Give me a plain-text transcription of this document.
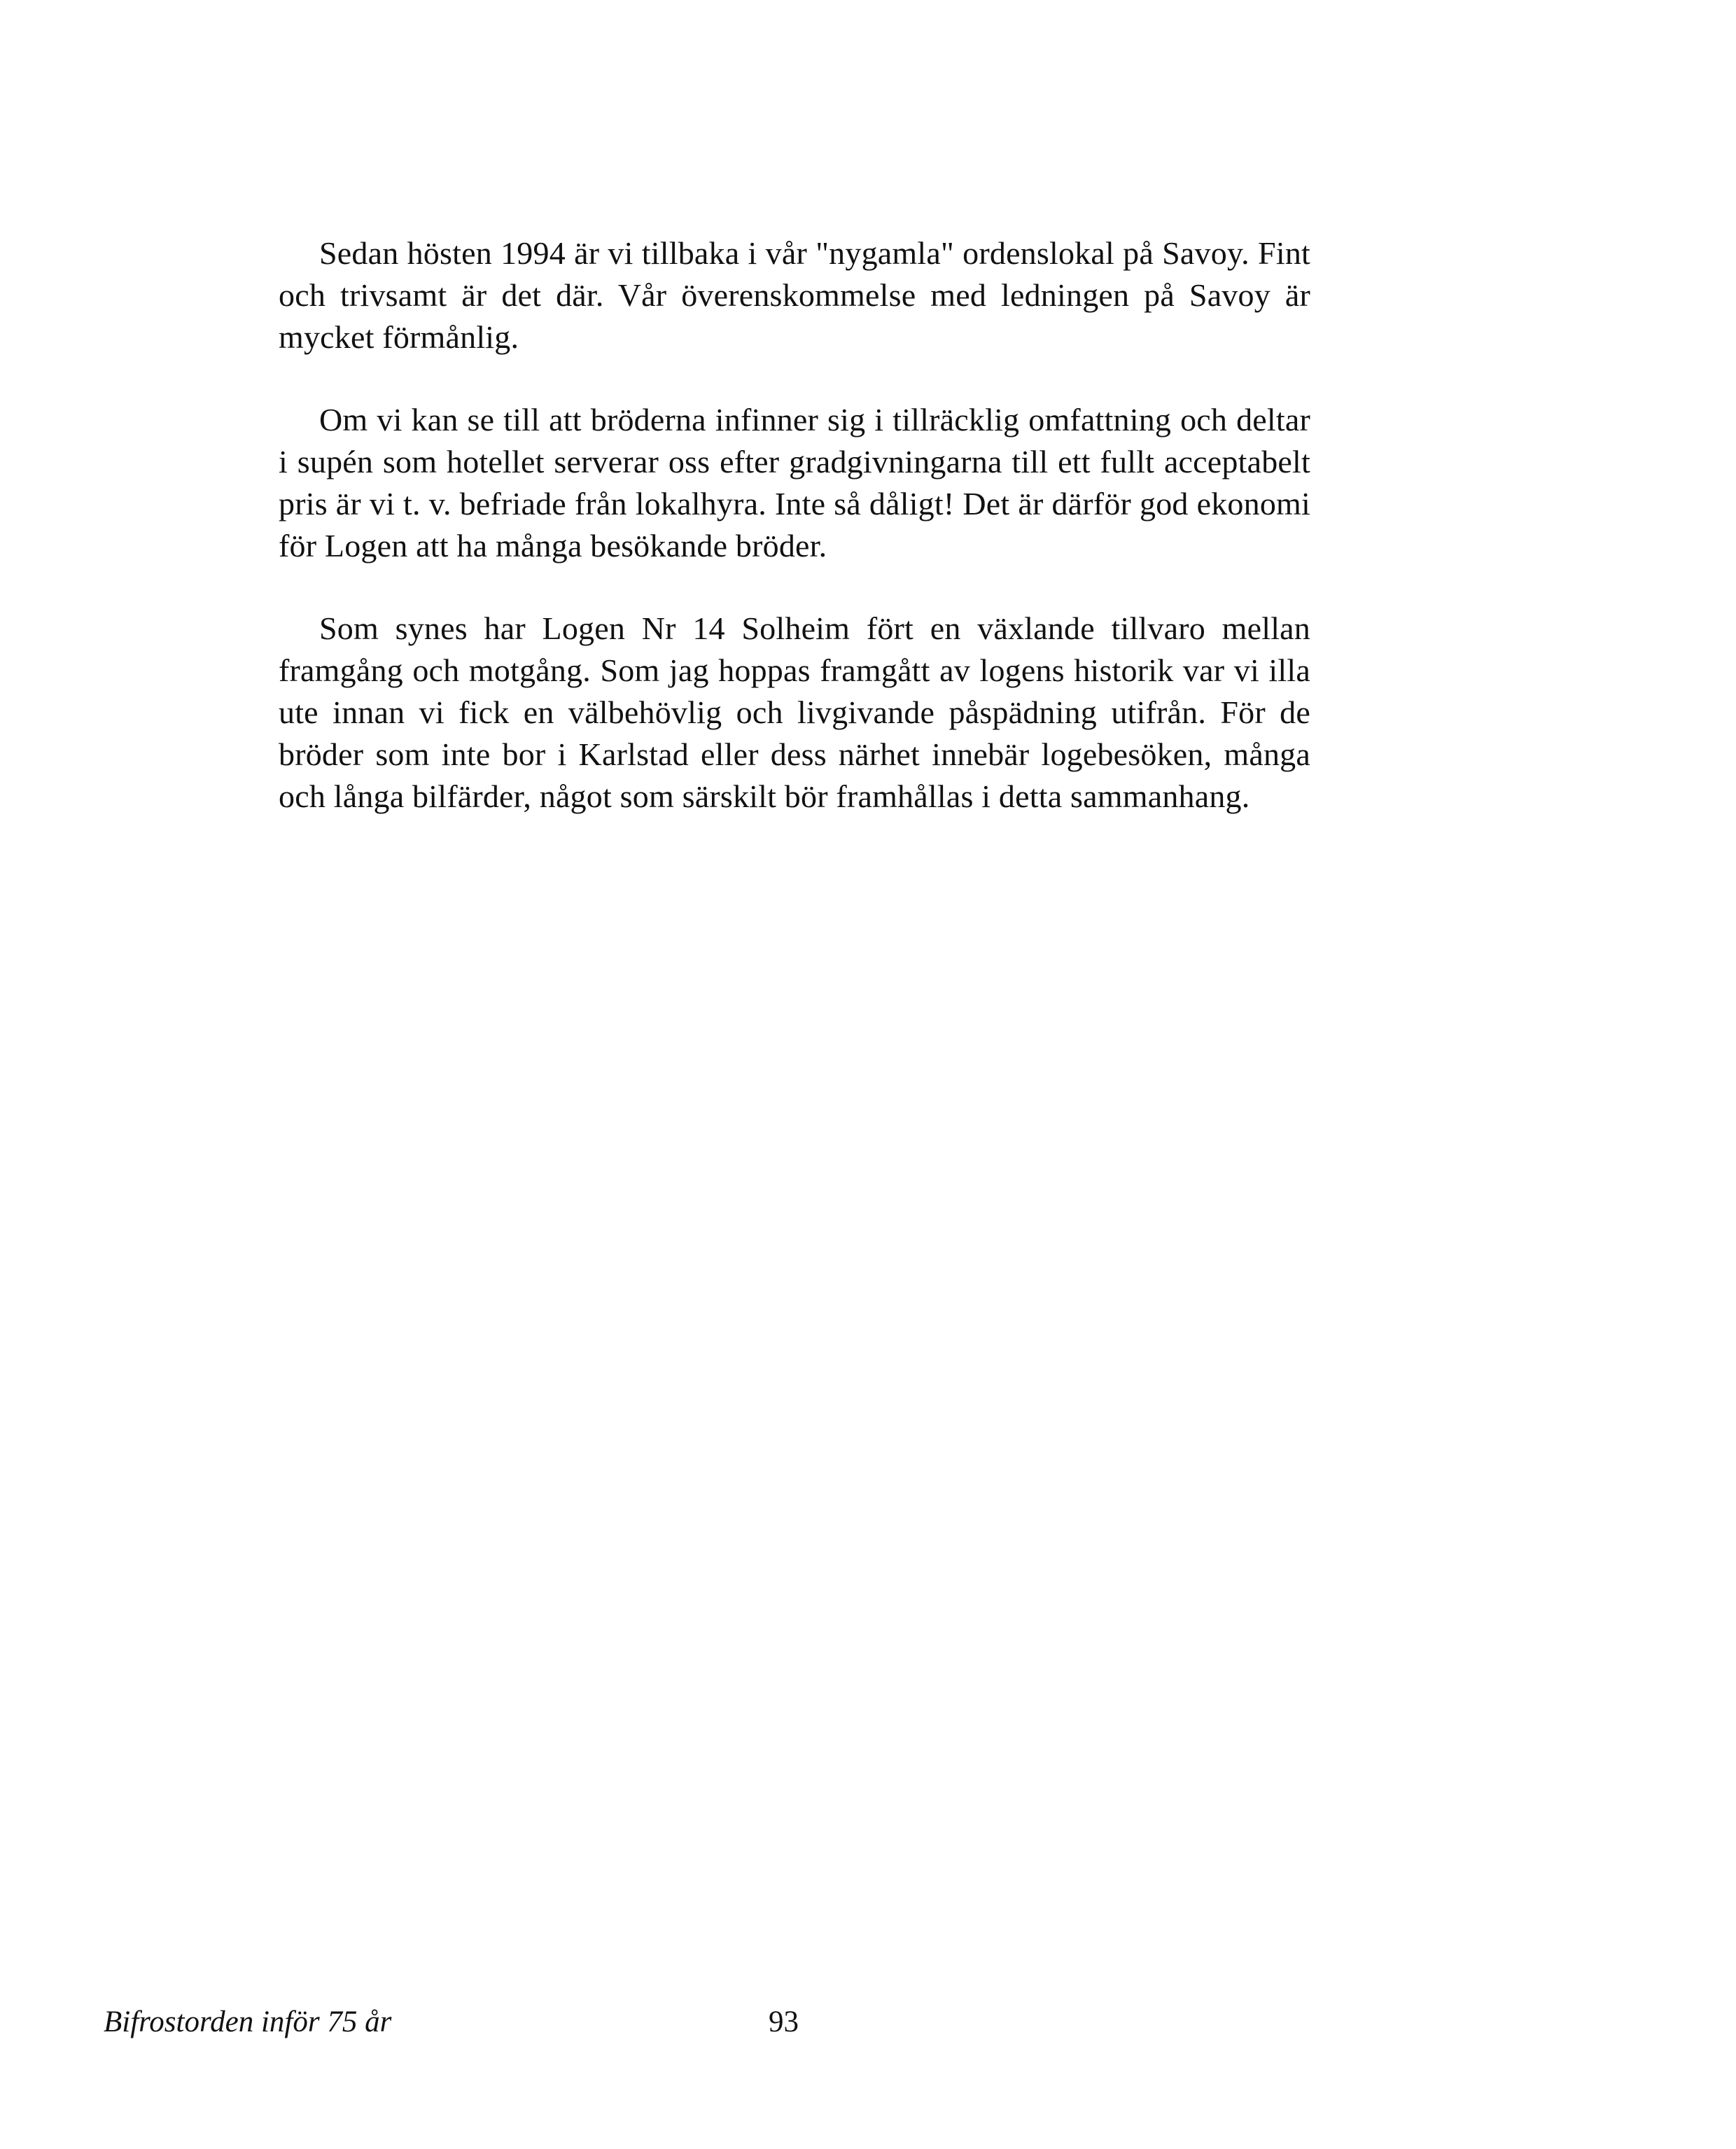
Sedan hösten 1994 är vi tillbaka i vår "nygamla" ordenslokal på Savoy. Fint och trivsamt är det där. Vår överenskommelse med ledningen på Savoy är mycket förmånlig.

Om vi kan se till att bröderna infinner sig i tillräcklig omfattning och deltar i supén som hotellet serverar oss efter gradgivningarna till ett fullt acceptabelt pris är vi t. v. befriade från lokalhyra. Inte så dåligt! Det är därför god ekonomi för Logen att ha många besökande bröder.

Som synes har Logen Nr 14 Solheim fört en växlande tillvaro mellan framgång och motgång. Som jag hoppas framgått av logens historik var vi illa ute innan vi fick en välbehövlig och livgivande påspädning utifrån. För de bröder som inte bor i Karlstad eller dess närhet innebär logebesöken, många och långa bilfärder, något som särskilt bör framhållas i detta sammanhang.

Bifrostorden inför 75 år	93
